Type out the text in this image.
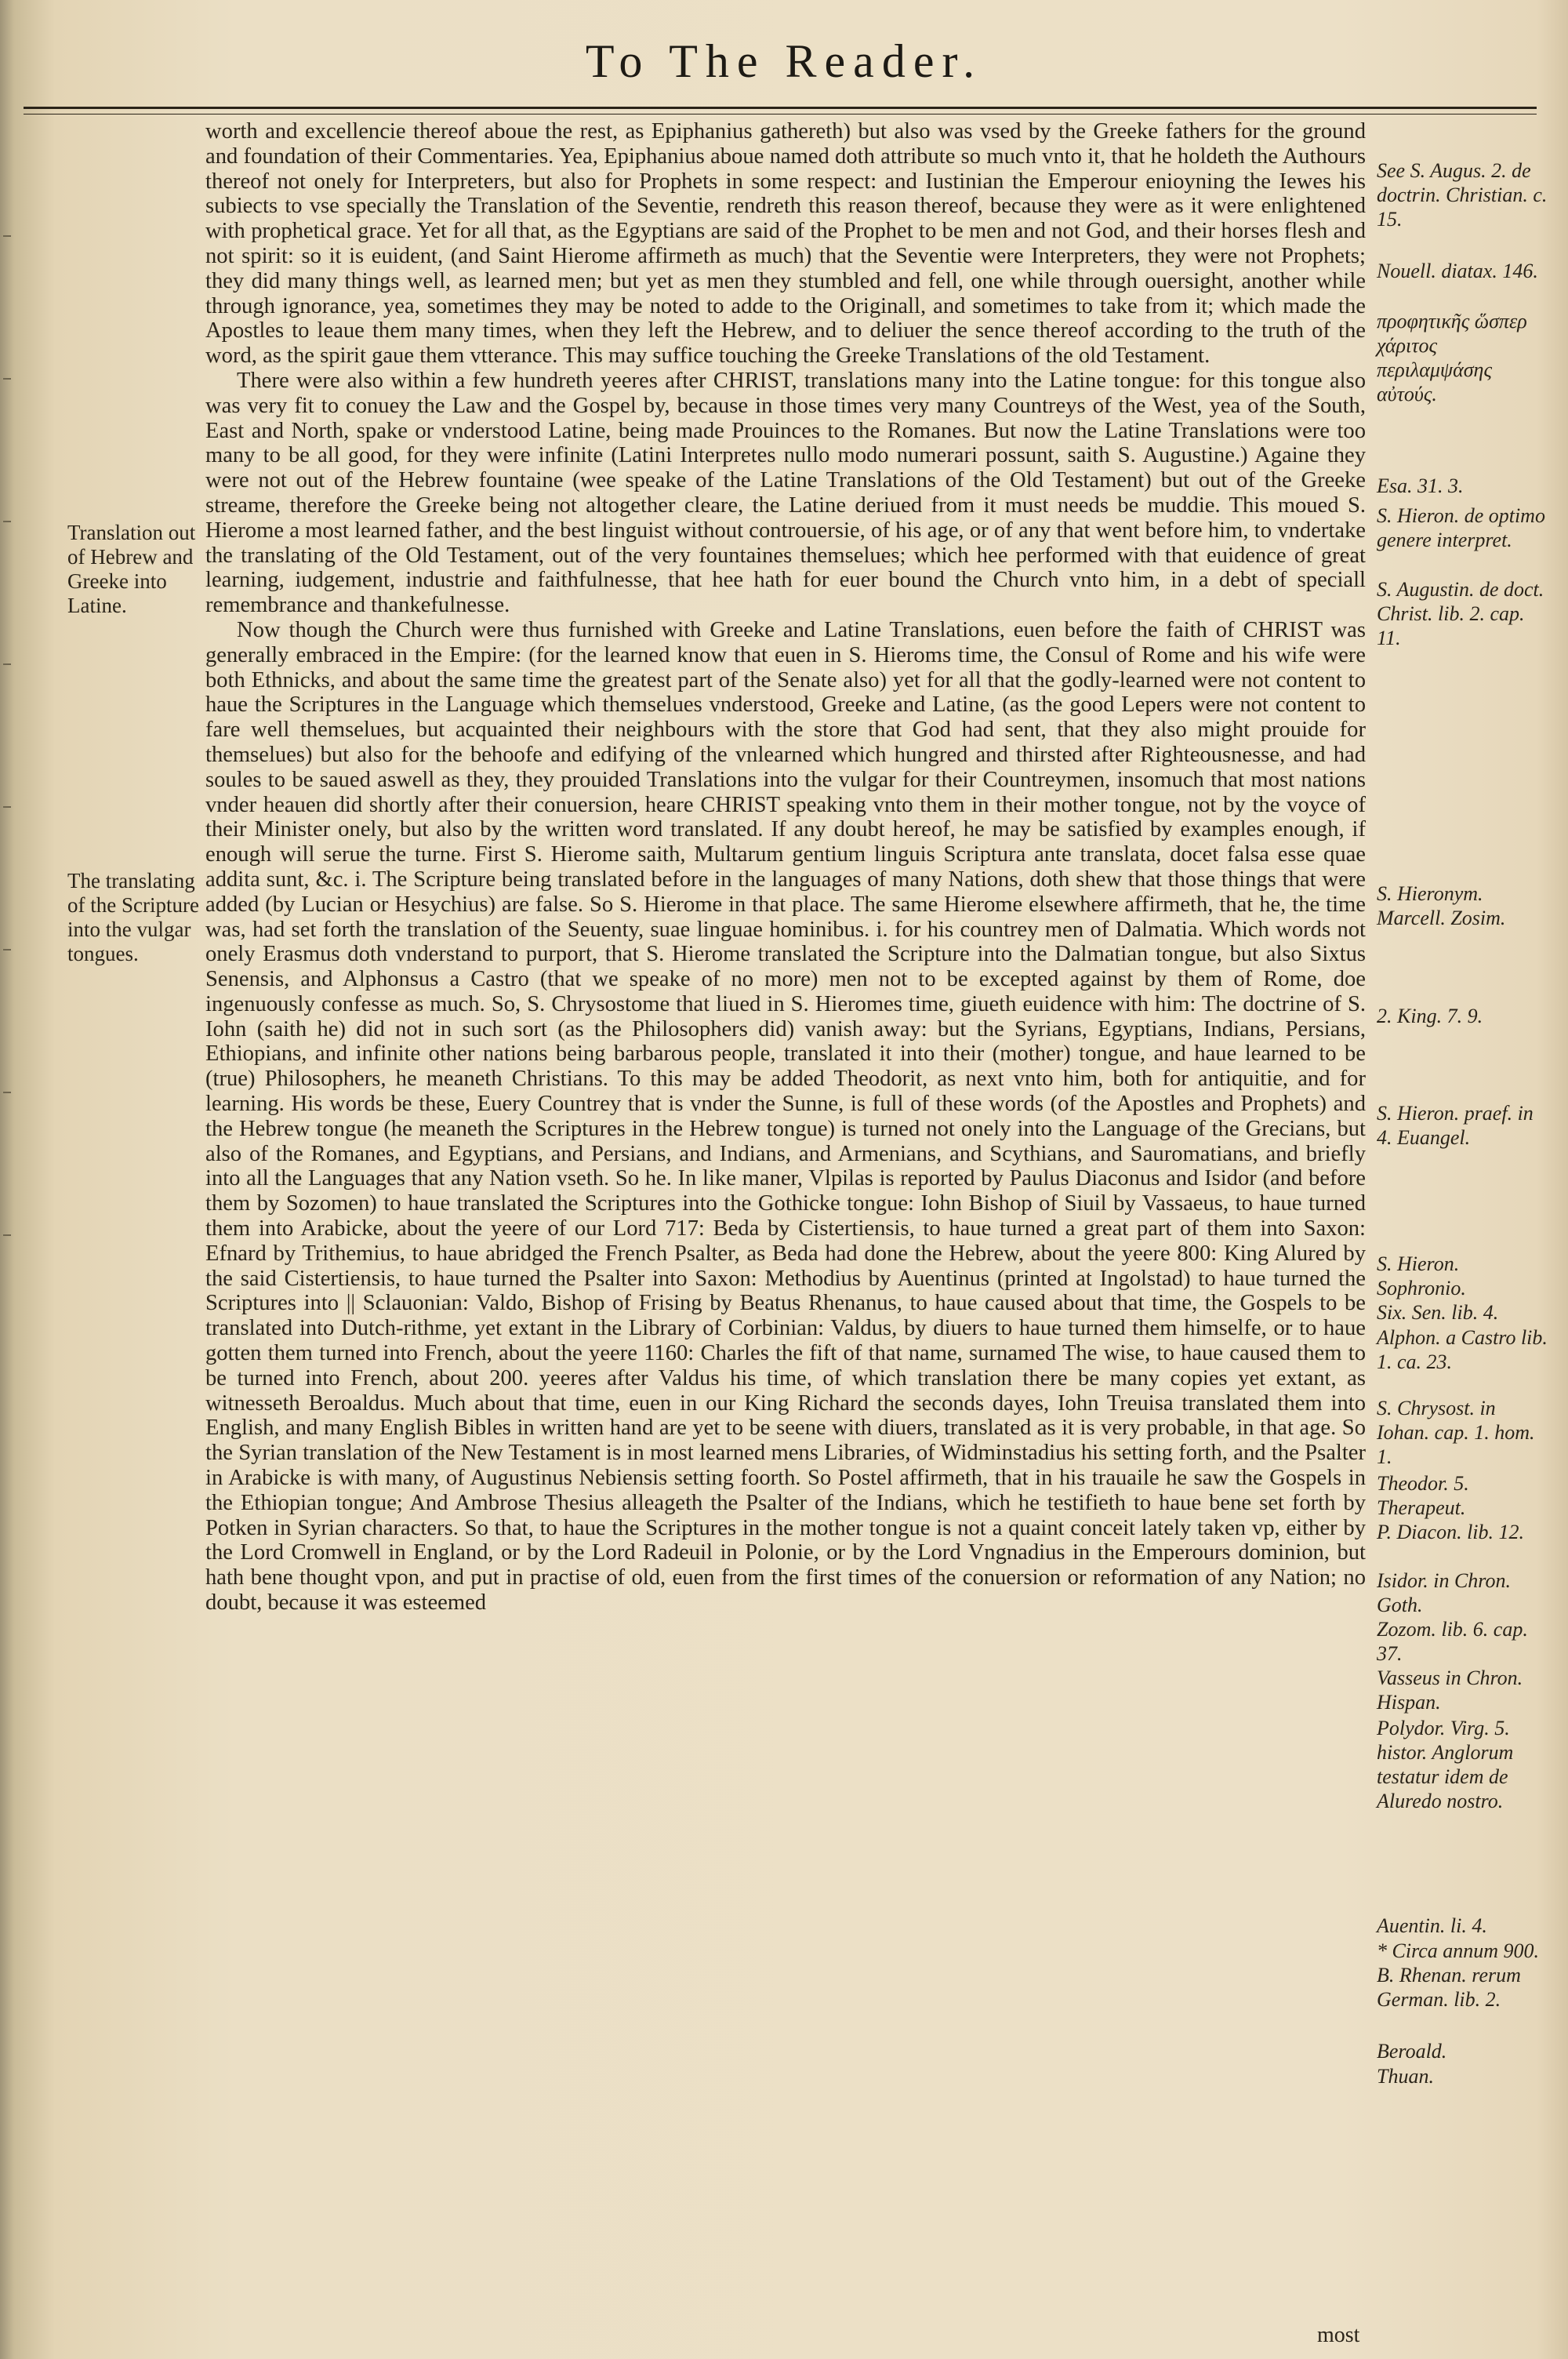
To The Reader.
Translation out of Hebrew and Greeke into Latine.
The translating of the Scripture into the vulgar tongues.

worth and excellencie thereof aboue the rest, as Epiphanius gathereth) but also was vsed by the Greeke fathers for the ground and foundation of their Commentaries. Yea, Epiphanius aboue named doth attribute so much vnto it, that he holdeth the Authours thereof not onely for Interpreters, but also for Prophets in some respect: and Iustinian the Emperour enioyning the Iewes his subiects to vse specially the Translation of the Seventie, rendreth this reason thereof, because they were as it were enlightened with prophetical grace. Yet for all that, as the Egyptians are said of the Prophet to be men and not God, and their horses flesh and not spirit: so it is euident, (and Saint Hierome affirmeth as much) that the Seventie were Interpreters, they were not Prophets; they did many things well, as learned men; but yet as men they stumbled and fell, one while through ouersight, another while through ignorance, yea, sometimes they may be noted to adde to the Originall, and sometimes to take from it; which made the Apostles to leaue them many times, when they left the Hebrew, and to deliuer the sence thereof according to the truth of the word, as the spirit gaue them vtterance. This may suffice touching the Greeke Translations of the old Testament.

There were also within a few hundreth yeeres after CHRIST, translations many into the Latine tongue: for this tongue also was very fit to conuey the Law and the Gospel by, because in those times very many Countreys of the West, yea of the South, East and North, spake or vnderstood Latine, being made Prouinces to the Romanes. But now the Latine Translations were too many to be all good, for they were infinite (Latini Interpretes nullo modo numerari possunt, saith S. Augustine.) Againe they were not out of the Hebrew fountaine (wee speake of the Latine Translations of the Old Testament) but out of the Greeke streame, therefore the Greeke being not altogether cleare, the Latine deriued from it must needs be muddie. This moued S. Hierome a most learned father, and the best linguist without controuersie, of his age, or of any that went before him, to vndertake the translating of the Old Testament, out of the very fountaines themselues; which hee performed with that euidence of great learning, iudgement, industrie and faithfulnesse, that hee hath for euer bound the Church vnto him, in a debt of speciall remembrance and thankefulnesse.

Now though the Church were thus furnished with Greeke and Latine Translations, euen before the faith of CHRIST was generally embraced in the Empire: (for the learned know that euen in S. Hieroms time, the Consul of Rome and his wife were both Ethnicks, and about the same time the greatest part of the Senate also) yet for all that the godly-learned were not content to haue the Scriptures in the Language which themselues vnderstood, Greeke and Latine, (as the good Lepers were not content to fare well themselues, but acquainted their neighbours with the store that God had sent, that they also might prouide for themselues) but also for the behoofe and edifying of the vnlearned which hungred and thirsted after Righteousnesse, and had soules to be saued aswell as they, they prouided Translations into the vulgar for their Countreymen, insomuch that most nations vnder heauen did shortly after their conuersion, heare CHRIST speaking vnto them in their mother tongue, not by the voyce of their Minister onely, but also by the written word translated. If any doubt hereof, he may be satisfied by examples enough, if enough will serue the turne. First S. Hierome saith, Multarum gentium linguis Scriptura ante translata, docet falsa esse quae addita sunt, &c. i. The Scripture being translated before in the languages of many Nations, doth shew that those things that were added (by Lucian or Hesychius) are false. So S. Hierome in that place. The same Hierome elsewhere affirmeth, that he, the time was, had set forth the translation of the Seuenty, suae linguae hominibus. i. for his countrey men of Dalmatia. Which words not onely Erasmus doth vnderstand to purport, that S. Hierome translated the Scripture into the Dalmatian tongue, but also Sixtus Senensis, and Alphonsus a Castro (that we speake of no more) men not to be excepted against by them of Rome, doe ingenuously confesse as much. So, S. Chrysostome that liued in S. Hieromes time, giueth euidence with him: The doctrine of S. Iohn (saith he) did not in such sort (as the Philosophers did) vanish away: but the Syrians, Egyptians, Indians, Persians, Ethiopians, and infinite other nations being barbarous people, translated it into their (mother) tongue, and haue learned to be (true) Philosophers, he meaneth Christians. To this may be added Theodorit, as next vnto him, both for antiquitie, and for learning. His words be these, Euery Countrey that is vnder the Sunne, is full of these words (of the Apostles and Prophets) and the Hebrew tongue (he meaneth the Scriptures in the Hebrew tongue) is turned not onely into the Language of the Grecians, but also of the Romanes, and Egyptians, and Persians, and Indians, and Armenians, and Scythians, and Sauromatians, and briefly into all the Languages that any Nation vseth. So he. In like maner, Vlpilas is reported by Paulus Diaconus and Isidor (and before them by Sozomen) to haue translated the Scriptures into the Gothicke tongue: Iohn Bishop of Siuil by Vassaeus, to haue turned them into Arabicke, about the yeere of our Lord 717: Beda by Cistertiensis, to haue turned a great part of them into Saxon: Efnard by Trithemius, to haue abridged the French Psalter, as Beda had done the Hebrew, about the yeere 800: King Alured by the said Cistertiensis, to haue turned the Psalter into Saxon: Methodius by Auentinus (printed at Ingolstad) to haue turned the Scriptures into || Sclauonian: Valdo, Bishop of Frising by Beatus Rhenanus, to haue caused about that time, the Gospels to be translated into Dutch-rithme, yet extant in the Library of Corbinian: Valdus, by diuers to haue turned them himselfe, or to haue gotten them turned into French, about the yeere 1160: Charles the fift of that name, surnamed The wise, to haue caused them to be turned into French, about 200. yeeres after Valdus his time, of which translation there be many copies yet extant, as witnesseth Beroaldus. Much about that time, euen in our King Richard the seconds dayes, Iohn Treuisa translated them into English, and many English Bibles in written hand are yet to be seene with diuers, translated as it is very probable, in that age. So the Syrian translation of the New Testament is in most learned mens Libraries, of Widminstadius his setting forth, and the Psalter in Arabicke is with many, of Augustinus Nebiensis setting foorth. So Postel affirmeth, that in his trauaile he saw the Gospels in the Ethiopian tongue; And Ambrose Thesius alleageth the Psalter of the Indians, which he testifieth to haue bene set forth by Potken in Syrian characters. So that, to haue the Scriptures in the mother tongue is not a quaint conceit lately taken vp, either by the Lord Cromwell in England, or by the Lord Radeuil in Polonie, or by the Lord Vngnadius in the Emperours dominion, but hath bene thought vpon, and put in practise of old, euen from the first times of the conuersion or reformation of any Nation; no doubt, because it was esteemed

See S. Augus. 2. de doctrin. Christian. c. 15.
Nouell. diatax. 146.
προφητικῆς ὥσπερ χάριτος περιλαμψάσης αὐτούς.
Esa. 31. 3.
S. Hieron. de optimo genere interpret.
S. Augustin. de doct. Christ. lib. 2. cap. 11.
S. Hieronym. Marcell. Zosim.
2. King. 7. 9.
S. Hieron. praef. in 4. Euangel.
S. Hieron. Sophronio.
Six. Sen. lib. 4.
Alphon. a Castro lib. 1. ca. 23.
S. Chrysost. in Iohan. cap. 1. hom. 1.
Theodor. 5. Therapeut.
P. Diacon. lib. 12.
Isidor. in Chron. Goth.
Zozom. lib. 6. cap. 37.
Vasseus in Chron. Hispan.
Polydor. Virg. 5. histor. Anglorum testatur idem de Aluredo nostro.
Auentin. li. 4.
* Circa annum 900. B. Rhenan. rerum German. lib. 2.
Beroald.
Thuan.
most
